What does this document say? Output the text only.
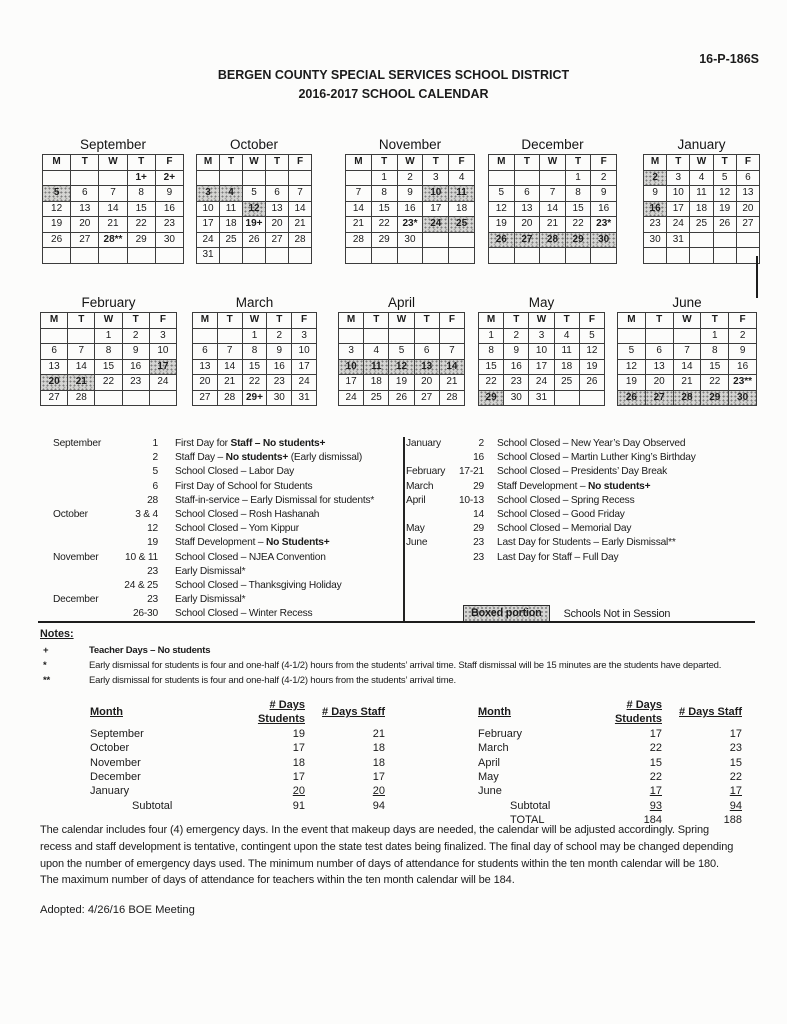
16-P-186S
BERGEN COUNTY SPECIAL SERVICES SCHOOL DISTRICT
2016-2017 SCHOOL CALENDAR
September
M	T	W	T	F
			1+	2+
5	6	7	8	9
12	13	14	15	16
19	20	21	22	23
26	27	28**	29	30

October
M	T	W	T	F

3	4	5	6	7
10	11	12	13	14
17	18	19+	20	21
24	25	26	27	28
31				
November
M	T	W	T	F
	1	2	3	4
7	8	9	10	11
14	15	16	17	18
21	22	23*	24	25
28	29	30		

December
M	T	W	T	F
			1	2
5	6	7	8	9
12	13	14	15	16
19	20	21	22	23*
26	27	28	29	30

January
M	T	W	T	F
2	3	4	5	6
9	10	11	12	13
16	17	18	19	20
23	24	25	26	27
30	31			

February
M	T	W	T	F
		1	2	3
6	7	8	9	10
13	14	15	16	17
20	21	22	23	24
27	28			
March
M	T	W	T	F
		1	2	3
6	7	8	9	10
13	14	15	16	17
20	21	22	23	24
27	28	29+	30	31
April
M	T	W	T	F

3	4	5	6	7
10	11	12	13	14
17	18	19	20	21
24	25	26	27	28
May
M	T	W	T	F
1	2	3	4	5
8	9	10	11	12
15	16	17	18	19
22	23	24	25	26
29	30	31		
June
M	T	W	T	F
			1	2
5	6	7	8	9
12	13	14	15	16
19	20	21	22	23**
26	27	28	29	30
September	1 First Day for Staff – No students+
2 Staff Day – No students+ (Early dismissal)
5 School Closed – Labor Day
6 First Day of School for Students
28 Staff-in-service – Early Dismissal for students*
October	3 & 4 School Closed – Rosh Hashanah
12 School Closed – Yom Kippur
19 Staff Development – No Students+
November	10 & 11 School Closed – NJEA Convention
23 Early Dismissal*
24 & 25 School Closed – Thanksgiving Holiday
December	23 Early Dismissal*
26-30 School Closed – Winter Recess
January	2 School Closed – New Year’s Day Observed
16 School Closed – Martin Luther King’s Birthday
February	17-21 School Closed – Presidents’ Day Break
March	29 Staff Development – No students+
April	10-13 School Closed – Spring Recess
14 School Closed – Good Friday
May	29 School Closed – Memorial Day
June	23 Last Day for Students – Early Dismissal**
23 Last Day for Staff – Full Day
Boxed portion	Schools Not in Session
Notes:
+	Teacher Days – No students
*	Early dismissal for students is four and one-half (4-1/2) hours from the students’ arrival time. Staff dismissal will be 15 minutes are the students have departed.
**	Early dismissal for students is four and one-half (4-1/2) hours from the students’ arrival time.
Month	# Days Students	# Days Staff
September	19	21
October	17	18
November	18	18
December	17	17
January	20	20
Subtotal	91	94
Month	# Days Students	# Days Staff
February	17	17
March	22	23
April	15	15
May	22	22
June	17	17
Subtotal	93	94
TOTAL	184	188
The calendar includes four (4) emergency days. In the event that makeup days are needed, the calendar will be adjusted accordingly. Spring
recess and staff development is tentative, contingent upon the state test dates being finalized. The final day of school may be changed depending
upon the number of emergency days used. The minimum number of days of attendance for students within the ten month calendar will be 180.
The maximum number of days of attendance for teachers within the ten month calendar will be 184.
Adopted: 4/26/16 BOE Meeting
